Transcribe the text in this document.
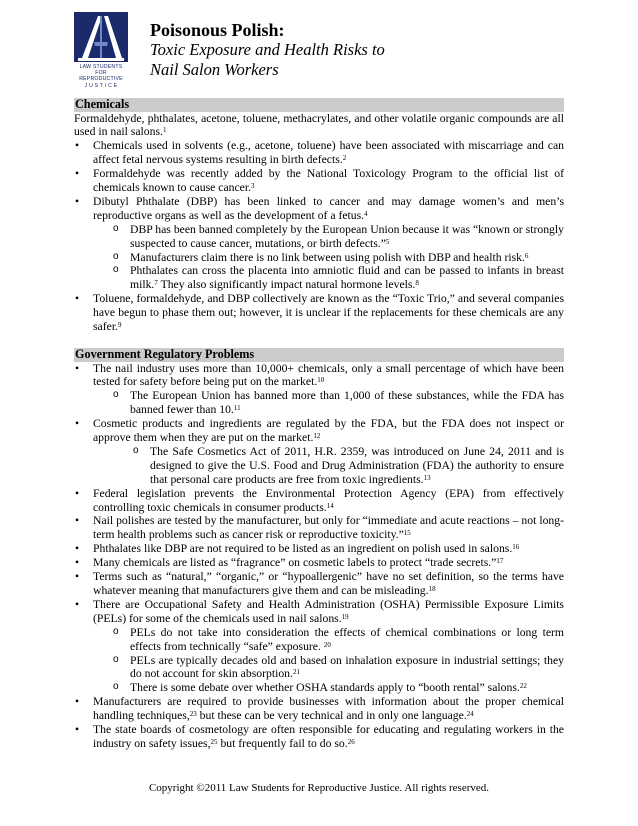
LAW STUDENTS
FOR
REPRODUCTIVE
J U S T I C E
Poisonous Polish:
Toxic Exposure and Health Risks to
Nail Salon Workers
Chemicals

Formaldehyde, phthalates, acetone, toluene, methacrylates, and other volatile organic compounds are all used in nail salons.$^1$

• Chemicals used in solvents (e.g., acetone, toluene) have been associated with miscarriage and can affect fetal nervous systems resulting in birth defects.$^2$
• Formaldehyde was recently added by the National Toxicology Program to the official list of chemicals known to cause cancer.$^3$
• Dibutyl Phthalate (DBP) has been linked to cancer and may damage women’s and men’s reproductive organs as well as the development of a fetus.$^4$
o DBP has been banned completely by the European Union because it was “known or strongly suspected to cause cancer, mutations, or birth defects.”$^5$
o Manufacturers claim there is no link between using polish with DBP and health risk.$^6$
o Phthalates can cross the placenta into amniotic fluid and can be passed to infants in breast milk.$^7$ They also significantly impact natural hormone levels.$^8$
• Toluene, formaldehyde, and DBP collectively are known as the “Toxic Trio,” and several companies have begun to phase them out; however, it is unclear if the replacements for these chemicals are any safer.$^9$
Government Regulatory Problems
• The nail industry uses more than 10,000+ chemicals, only a small percentage of which have been tested for safety before being put on the market.$^{10}$
o The European Union has banned more than 1,000 of these substances, while the FDA has banned fewer than 10.11
• Cosmetic products and ingredients are regulated by the FDA, but the FDA does not inspect or approve them when they are put on the market.$^{12}$
o The Safe Cosmetics Act of 2011, H.R. 2359, was introduced on June 24, 2011 and is designed to give the U.S. Food and Drug Administration (FDA) the authority to ensure that personal care products are free from toxic ingredients.$^{13}$
• Federal legislation prevents the Environmental Protection Agency (EPA) from effectively controlling toxic chemicals in consumer products.$^{14}$
• Nail polishes are tested by the manufacturer, but only for “immediate and acute reactions – not long-term health problems such as cancer risk or reproductive toxicity.”$^{15}$
• Phthalates like DBP are not required to be listed as an ingredient on polish used in salons.$^{16}$
• Many chemicals are listed as “fragrance” on cosmetic labels to protect “trade secrets.”$^{17}$
• Terms such as “natural,” “organic,” or “hypoallergenic” have no set definition, so the terms have whatever meaning that manufacturers give them and can be misleading.$^{18}$
• There are Occupational Safety and Health Administration (OSHA) Permissible Exposure Limits (PELs) for some of the chemicals used in nail salons.$^{19}$
o PELs do not take into consideration the effects of chemical combinations or long term effects from technically “safe” exposure. $^{20}$
o PELs are typically decades old and based on inhalation exposure in industrial settings; they do not account for skin absorption.$^{21}$
o There is some debate over whether OSHA standards apply to “booth rental” salons.$^{22}$
• Manufacturers are required to provide businesses with information about the proper chemical handling techniques,$^{23}$ but these can be very technical and in only one language.$^{24}$
• The state boards of cosmetology are often responsible for educating and regulating workers in the industry on safety issues,$^{25}$ but frequently fail to do so.$^{26}$
Copyright ©2011 Law Students for Reproductive Justice. All rights reserved.
